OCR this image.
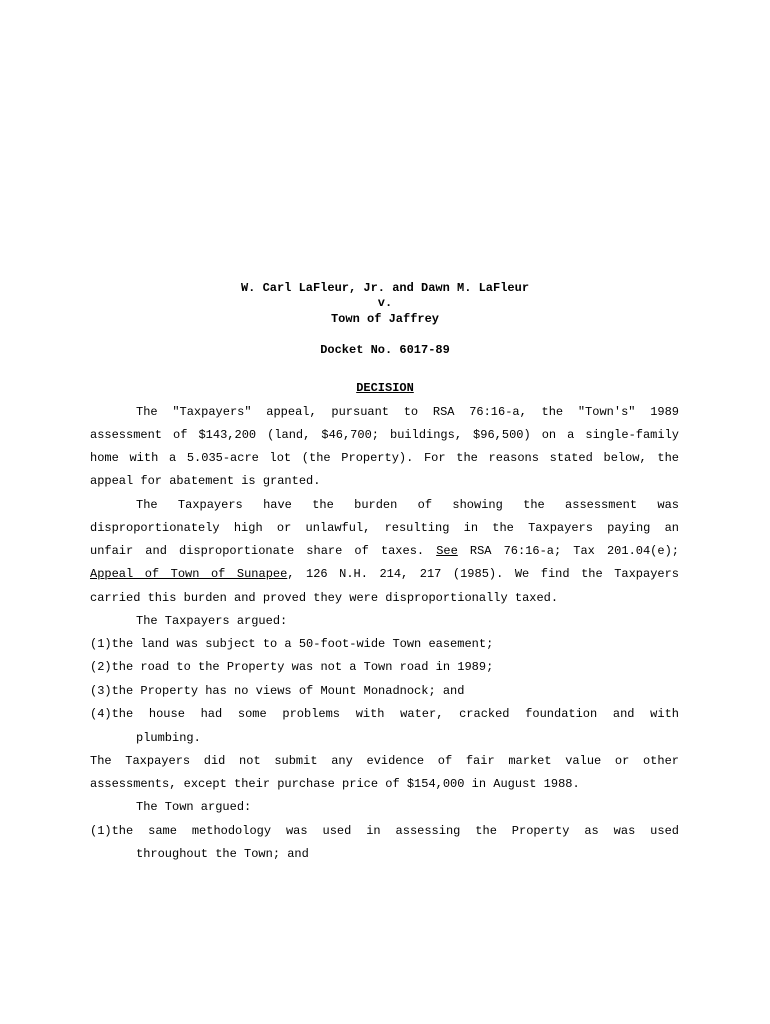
W. Carl LaFleur, Jr. and Dawn M. LaFleur
v.
Town of Jaffrey
Docket No. 6017-89
DECISION
The "Taxpayers" appeal, pursuant to RSA 76:16-a, the "Town's" 1989
assessment of $143,200 (land, $46,700; buildings, $96,500) on a single-family
home with a 5.035-acre lot (the Property). For the reasons stated below, the
appeal for abatement is granted.
The Taxpayers have the burden of showing the assessment was
disproportionately high or unlawful, resulting in the Taxpayers paying an
unfair and disproportionate share of taxes. See RSA 76:16-a; Tax 201.04(e);
Appeal of Town of Sunapee, 126 N.H. 214, 217 (1985). We find the Taxpayers
carried this burden and proved they were disproportionally taxed.
The Taxpayers argued:
(1)the land was subject to a 50-foot-wide Town easement;
(2)the road to the Property was not a Town road in 1989;
(3)the Property has no views of Mount Monadnock; and
(4)the house had some problems with water, cracked foundation and with
plumbing.
The Taxpayers did not submit any evidence of fair market value or other
assessments, except their purchase price of $154,000 in August 1988.
The Town argued:
(1)the same methodology was used in assessing the Property as was used
throughout the Town; and
